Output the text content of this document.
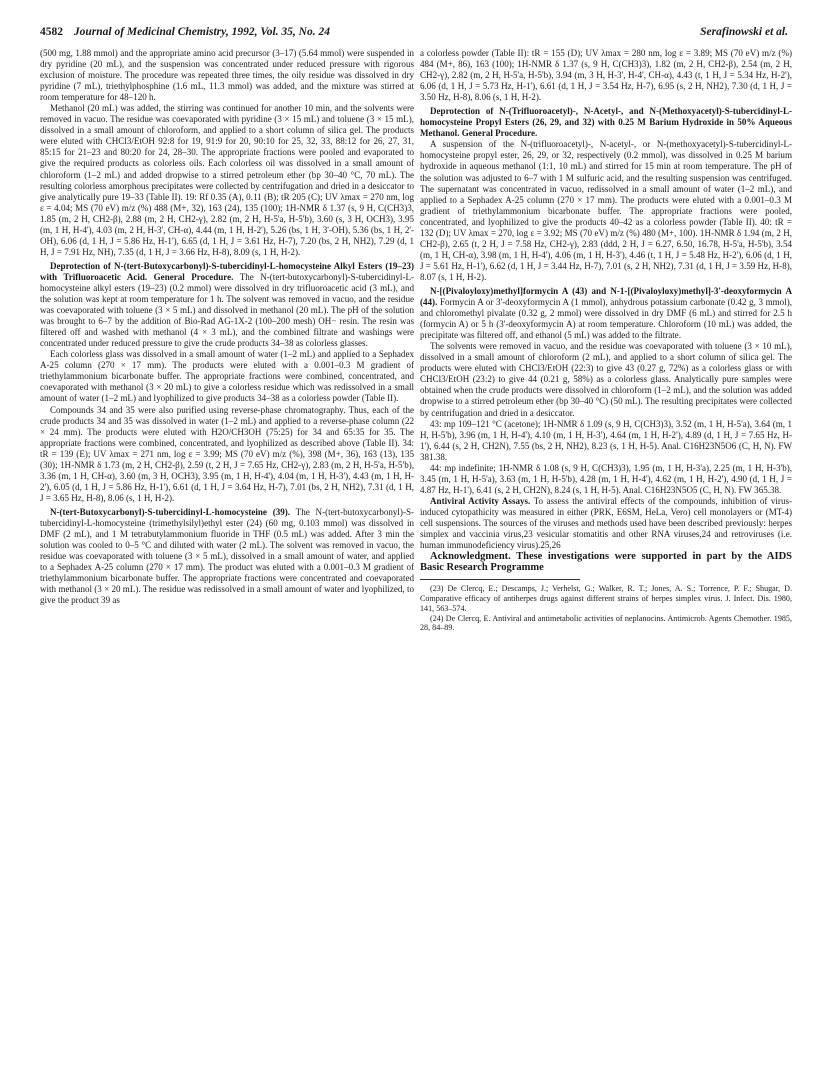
4582 Journal of Medicinal Chemistry, 1992, Vol. 35, No. 24	Serafinowski et al.

(500 mg, 1.88 mmol) and the appropriate amino acid precursor (3–17) (5.64 mmol) were suspended in dry pyridine (20 mL), and the suspension was concentrated under reduced pressure with rigorous exclusion of moisture. The procedure was repeated three times, the oily residue was dissolved in dry pyridine (7 mL), triethylphosphine (1.6 mL, 11.3 mmol) was added, and the mixture was stirred at room temperature for 48–120 h.

Methanol (20 mL) was added, the stirring was continued for another 10 min, and the solvents were removed in vacuo. The residue was coevaporated with pyridine (3 × 15 mL) and toluene (3 × 15 mL), dissolved in a small amount of chloroform, and applied to a short column of silica gel. The products were eluted with CHCl3/EtOH 92:8 for 19, 91:9 for 20, 90:10 for 25, 32, 33, 88:12 for 26, 27, 31, 85:15 for 21–23 and 80:20 for 24, 28–30. The appropriate fractions were pooled and evaporated to give the required products as colorless oils. Each colorless oil was dissolved in a small amount of chloroform (1–2 mL) and added dropwise to a stirred petroleum ether (bp 30–40 °C, 70 mL). The resulting colorless amorphous precipitates were collected by centrifugation and dried in a desiccator to give analytically pure 19–33 (Table II). 19: Rf 0.35 (A), 0.11 (B); tR 205 (C); UV λmax = 270 nm, log ε = 4.04; MS (70 eV) m/z (%) 488 (M+, 32), 163 (24), 135 (100); 1H-NMR δ 1.37 (s, 9 H, C(CH3)3, 1.85 (m, 2 H, CH2-β), 2.88 (m, 2 H, CH2-γ), 2.82 (m, 2 H, H-5'a, H-5'b), 3.60 (s, 3 H, OCH3), 3.95 (m, 1 H, H-4'), 4.03 (m, 2 H, H-3', CH-α), 4.44 (m, 1 H, H-2'), 5.26 (bs, 1 H, 3'-OH), 5.36 (bs, 1 H, 2'-OH), 6.06 (d, 1 H, J = 5.86 Hz, H-1'), 6.65 (d, 1 H, J = 3.61 Hz, H-7), 7.20 (bs, 2 H, NH2), 7.29 (d, 1 H, J = 7.91 Hz, NH), 7.35 (d, 1 H, J = 3.66 Hz, H-8), 8.09 (s, 1 H, H-2).

Deprotection of N-(tert-Butoxycarbonyl)-S-tubercidinyl-L-homocysteine Alkyl Esters (19–23) with Trifluoroacetic Acid. General Procedure. The N-(tert-butoxycarbonyl)-S-tubercidinyl-L-homocysteine alkyl esters (19–23) (0.2 mmol) were dissolved in dry trifluoroacetic acid (3 mL), and the solution was kept at room temperature for 1 h. The solvent was removed in vacuo, and the residue was coevaporated with toluene (3 × 5 mL) and dissolved in methanol (20 mL). The pH of the solution was brought to 6–7 by the addition of Bio-Rad AG-1X-2 (100–200 mesh) OH− resin. The resin was filtered off and washed with methanol (4 × 3 mL), and the combined filtrate and washings were concentrated under reduced pressure to give the crude products 34–38 as colorless glasses.

Each colorless glass was dissolved in a small amount of water (1–2 mL) and applied to a Sephadex A-25 column (270 × 17 mm). The products were eluted with a 0.001–0.3 M gradient of triethylammonium bicarbonate buffer. The appropriate fractions were combined, concentrated, and coevaporated with methanol (3 × 20 mL) to give a colorless residue which was redissolved in a small amount of water (1–2 mL) and lyophilized to give products 34–38 as a colorless powder (Table II).

Compounds 34 and 35 were also purified using reverse-phase chromatography. Thus, each of the crude products 34 and 35 was dissolved in water (1–2 mL) and applied to a reverse-phase column (22 × 24 mm). The products were eluted with H2O/CH3OH (75:25) for 34 and 65:35 for 35. The appropriate fractions were combined, concentrated, and lyophilized as described above (Table II). 34: tR = 139 (E); UV λmax = 271 nm, log ε = 3.99; MS (70 eV) m/z (%), 398 (M+, 36), 163 (13), 135 (30); 1H-NMR δ 1.73 (m, 2 H, CH2-β), 2.59 (t, 2 H, J = 7.65 Hz, CH2-γ), 2.83 (m, 2 H, H-5'a, H-5'b), 3.36 (m, 1 H, CH-α), 3.60 (m, 3 H, OCH3), 3.95 (m, 1 H, H-4'), 4.04 (m, 1 H, H-3'), 4.43 (m, 1 H, H-2'), 6.05 (d, 1 H, J = 5.86 Hz, H-1'), 6.61 (d, 1 H, J = 3.64 Hz, H-7), 7.01 (bs, 2 H, NH2), 7.31 (d, 1 H, J = 3.65 Hz, H-8), 8.06 (s, 1 H, H-2).

N-(tert-Butoxycarbonyl)-S-tubercidinyl-L-homocysteine (39). The N-(tert-butoxycarbonyl)-S-tubercidinyl-L-homocysteine (trimethylsilyl)ethyl ester (24) (60 mg, 0.103 mmol) was dissolved in DMF (2 mL), and 1 M tetrabutylammonium fluoride in THF (0.5 mL) was added. After 3 min the solution was cooled to 0–5 °C and diluted with water (2 mL). The solvent was removed in vacuo, the residue was coevaporated with toluene (3 × 5 mL), dissolved in a small amount of water, and applied to a Sephadex A-25 column (270 × 17 mm). The product was eluted with a 0.001–0.3 M gradient of triethylammonium bicarbonate buffer. The appropriate fractions were concentrated and coevaporated with methanol (3 × 20 mL). The residue was redissolved in a small amount of water and lyophilized, to give the product 39 as

a colorless powder (Table II): tR = 155 (D); UV λmax = 280 nm, log ε = 3.89; MS (70 eV) m/z (%) 484 (M+, 86), 163 (100); 1H-NMR δ 1.37 (s, 9 H, C(CH3)3), 1.82 (m, 2 H, CH2-β), 2.54 (m, 2 H, CH2-γ), 2.82 (m, 2 H, H-5'a, H-5'b), 3.94 (m, 3 H, H-3', H-4', CH-α), 4.43 (t, 1 H, J = 5.34 Hz, H-2'), 6.06 (d, 1 H, J = 5.73 Hz, H-1'), 6.61 (d, 1 H, J = 3.54 Hz, H-7), 6.95 (s, 2 H, NH2), 7.30 (d, 1 H, J = 3.50 Hz, H-8), 8.06 (s, 1 H, H-2).

Deprotection of N-(Trifluoroacetyl)-, N-Acetyl-, and N-(Methoxyacetyl)-S-tubercidinyl-L-homocysteine Propyl Esters (26, 29, and 32) with 0.25 M Barium Hydroxide in 50% Aqueous Methanol. General Procedure.

A suspension of the N-(trifluoroacetyl)-, N-acetyl-, or N-(methoxyacetyl)-S-tubercidinyl-L-homocysteine propyl ester, 26, 29, or 32, respectively (0.2 mmol), was dissolved in 0.25 M barium hydroxide in aqueous methanol (1:1, 10 mL) and stirred for 15 min at room temperature. The pH of the solution was adjusted to 6–7 with 1 M sulfuric acid, and the resulting suspension was centrifuged. The supernatant was concentrated in vacuo, redissolved in a small amount of water (1–2 mL), and applied to a Sephadex A-25 column (270 × 17 mm). The products were eluted with a 0.001–0.3 M gradient of triethylammonium bicarbonate buffer. The appropriate fractions were pooled, concentrated, and lyophilized to give the products 40–42 as a colorless powder (Table II). 40: tR = 132 (D); UV λmax = 270, log ε = 3.92; MS (70 eV) m/z (%) 480 (M+, 100). 1H-NMR δ 1.94 (m, 2 H, CH2-β), 2.65 (t, 2 H, J = 7.58 Hz, CH2-γ), 2.83 (ddd, 2 H, J = 6.27, 6.50, 16.78, H-5'a, H-5'b), 3.54 (m, 1 H, CH-α), 3.98 (m, 1 H, H-4'), 4.06 (m, 1 H, H-3'), 4.46 (t, 1 H, J = 5.48 Hz, H-2'), 6.06 (d, 1 H, J = 5.61 Hz, H-1'), 6.62 (d, 1 H, J = 3.44 Hz, H-7), 7.01 (s, 2 H, NH2), 7.31 (d, 1 H, J = 3.59 Hz, H-8), 8.07 (s, 1 H, H-2).

N-[(Pivaloyloxy)methyl]formycin A (43) and N-1-[(Pivaloyloxy)methyl]-3'-deoxyformycin A (44). Formycin A or 3'-deoxyformycin A (1 mmol), anhydrous potassium carbonate (0.42 g, 3 mmol), and chloromethyl pivalate (0.32 g, 2 mmol) were dissolved in dry DMF (6 mL) and stirred for 2.5 h (formycin A) or 5 h (3'-deoxyformycin A) at room temperature. Chloroform (10 mL) was added, the precipitate was filtered off, and ethanol (5 mL) was added to the filtrate.

The solvents were removed in vacuo, and the residue was coevaporated with toluene (3 × 10 mL), dissolved in a small amount of chloroform (2 mL), and applied to a short column of silica gel. The products were eluted with CHCl3/EtOH (22:3) to give 43 (0.27 g, 72%) as a colorless glass or with CHCl3/EtOH (23:2) to give 44 (0.21 g, 58%) as a colorless glass. Analytically pure samples were obtained when the crude products were dissolved in chloroform (1–2 mL), and the solution was added dropwise to a stirred petroleum ether (bp 30–40 °C) (50 mL). The resulting precipitates were collected by centrifugation and dried in a desiccator.

43: mp 109–121 °C (acetone); 1H-NMR δ 1.09 (s, 9 H, C(CH3)3), 3.52 (m, 1 H, H-5'a), 3.64 (m, 1 H, H-5'b), 3.96 (m, 1 H, H-4'), 4.10 (m, 1 H, H-3'), 4.64 (m, 1 H, H-2'), 4.89 (d, 1 H, J = 7.65 Hz, H-1'), 6.44 (s, 2 H, CH2N), 7.55 (bs, 2 H, NH2), 8.23 (s, 1 H, H-5). Anal. C16H23N5O6 (C, H, N). FW 381.38.

44: mp indefinite; 1H-NMR δ 1.08 (s, 9 H, C(CH3)3), 1.95 (m, 1 H, H-3'a), 2.25 (m, 1 H, H-3'b), 3.45 (m, 1 H, H-5'a), 3.63 (m, 1 H, H-5'b), 4.28 (m, 1 H, H-4'), 4.62 (m, 1 H, H-2'), 4.90 (d, 1 H, J = 4.87 Hz, H-1'), 6.41 (s, 2 H, CH2N), 8.24 (s, 1 H, H-5). Anal. C16H23N5O5 (C, H, N). FW 365.38.

Antiviral Activity Assays. To assess the antiviral effects of the compounds, inhibition of virus-induced cytopathicity was measured in either (PRK, E6SM, HeLa, Vero) cell monolayers or (MT-4) cell suspensions. The sources of the viruses and methods used have been described previously: herpes simplex and vaccinia virus,23 vesicular stomatitis and other RNA viruses,24 and retroviruses (i.e. human immunodeficiency virus).25,26

Acknowledgment. These investigations were supported in part by the AIDS Basic Research Programme

(23) De Clercq, E.; Descamps, J.; Verhelst, G.; Walker, R. T.; Jones, A. S.; Torrence, P. F.; Shugar, D. Comparative efficacy of antiherpes drugs against different strains of herpes simplex virus. J. Infect. Dis. 1980, 141, 563–574.

(24) De Clercq, E. Antiviral and antimetabolic activities of neplanocins. Antimicrob. Agents Chemother. 1985, 28, 84–89.
